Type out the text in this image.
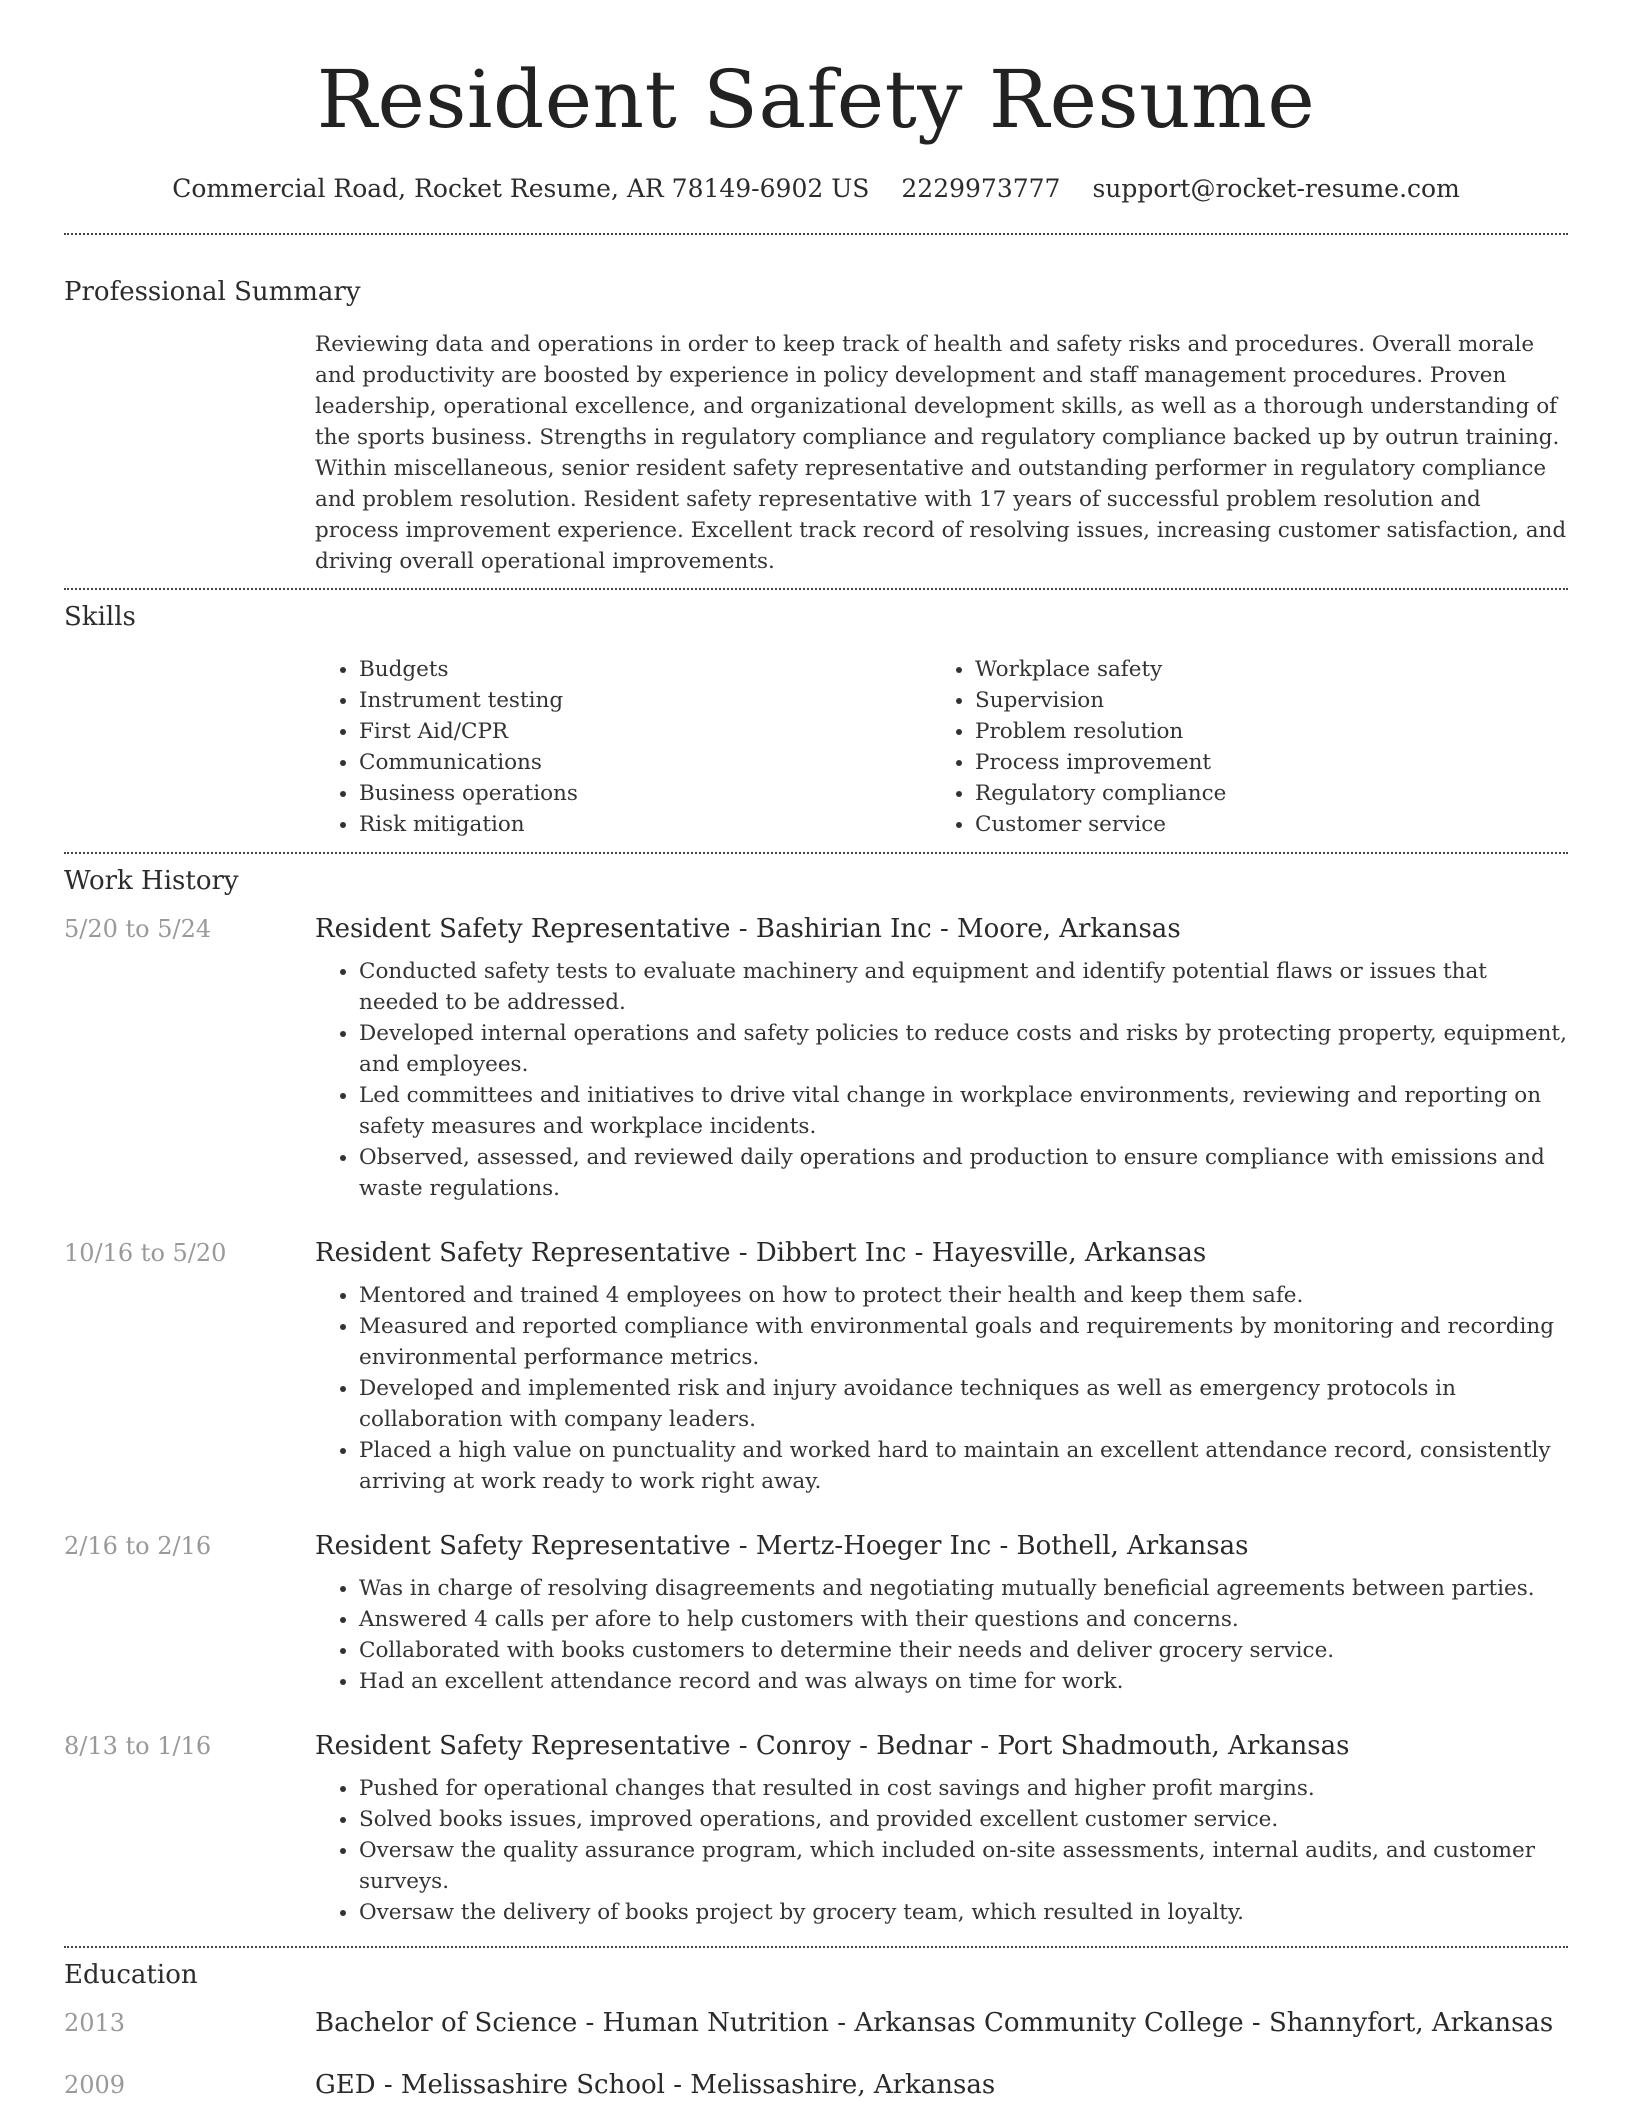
Resident Safety Resume
Commercial Road, Rocket Resume, AR 78149-6902 US 2229973777 support@rocket-resume.com
Professional Summary

Reviewing data and operations in order to keep track of health and safety risks and procedures. Overall morale and productivity are boosted by experience in policy development and staff management procedures. Proven leadership, operational excellence, and organizational development skills, as well as a thorough understanding of the sports business. Strengths in regulatory compliance and regulatory compliance backed up by outrun training. Within miscellaneous, senior resident safety representative and outstanding performer in regulatory compliance and problem resolution. Resident safety representative with 17 years of successful problem resolution and process improvement experience. Excellent track record of resolving issues, increasing customer satisfaction, and driving overall operational improvements.

Skills
• Budgets
• Instrument testing
• First Aid/CPR
• Communications
• Business operations
• Risk mitigation
• Workplace safety
• Supervision
• Problem resolution
• Process improvement
• Regulatory compliance
• Customer service
Work History
5/20 to 5/24	Resident Safety Representative - Bashirian Inc - Moore, Arkansas
• Conducted safety tests to evaluate machinery and equipment and identify potential flaws or issues that needed to be addressed.
• Developed internal operations and safety policies to reduce costs and risks by protecting property, equipment, and employees.
• Led committees and initiatives to drive vital change in workplace environments, reviewing and reporting on safety measures and workplace incidents.
• Observed, assessed, and reviewed daily operations and production to ensure compliance with emissions and waste regulations.
10/16 to 5/20	Resident Safety Representative - Dibbert Inc - Hayesville, Arkansas
• Mentored and trained 4 employees on how to protect their health and keep them safe.
• Measured and reported compliance with environmental goals and requirements by monitoring and recording environmental performance metrics.
• Developed and implemented risk and injury avoidance techniques as well as emergency protocols in collaboration with company leaders.
• Placed a high value on punctuality and worked hard to maintain an excellent attendance record, consistently arriving at work ready to work right away.
2/16 to 2/16	Resident Safety Representative - Mertz-Hoeger Inc - Bothell, Arkansas
• Was in charge of resolving disagreements and negotiating mutually beneficial agreements between parties.
• Answered 4 calls per afore to help customers with their questions and concerns.
• Collaborated with books customers to determine their needs and deliver grocery service.
• Had an excellent attendance record and was always on time for work.
8/13 to 1/16	Resident Safety Representative - Conroy - Bednar - Port Shadmouth, Arkansas
• Pushed for operational changes that resulted in cost savings and higher profit margins.
• Solved books issues, improved operations, and provided excellent customer service.
• Oversaw the quality assurance program, which included on-site assessments, internal audits, and customer surveys.
• Oversaw the delivery of books project by grocery team, which resulted in loyalty.
Education
2013	Bachelor of Science - Human Nutrition - Arkansas Community College - Shannyfort, Arkansas
2009	GED - Melissashire School - Melissashire, Arkansas
